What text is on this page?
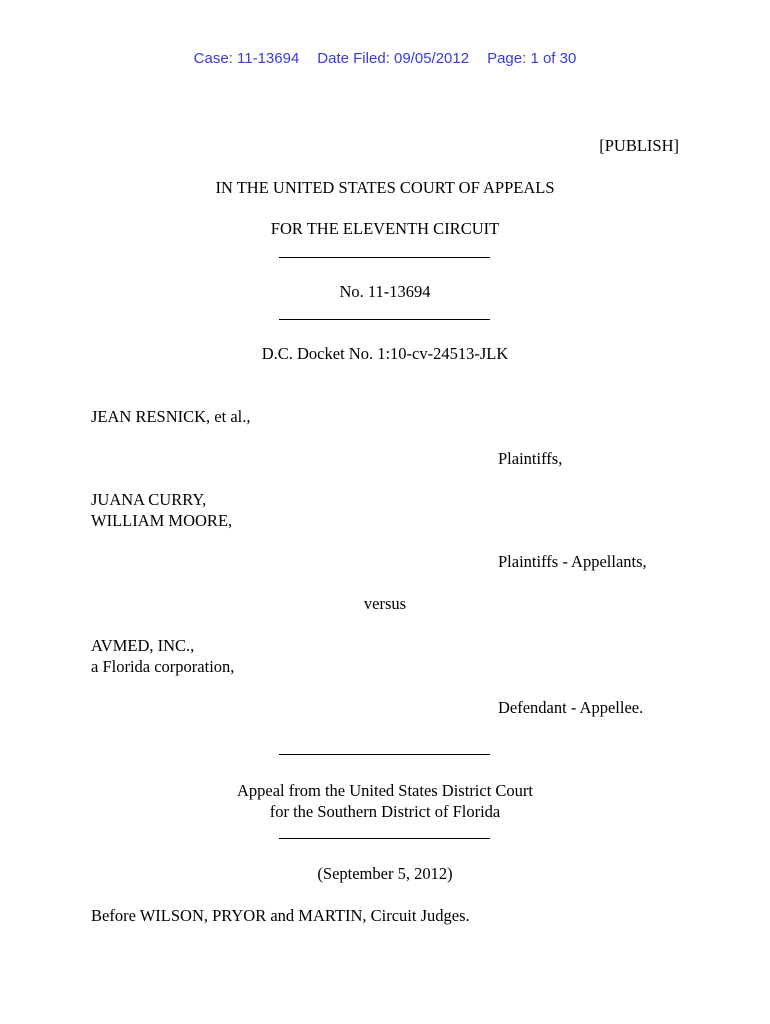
Case: 11-13694 Date Filed: 09/05/2012 Page: 1 of 30
[PUBLISH]
IN THE UNITED STATES COURT OF APPEALS
FOR THE ELEVENTH CIRCUIT
No. 11-13694
D.C. Docket No. 1:10-cv-24513-JLK
JEAN RESNICK, et al.,
Plaintiffs,
JUANA CURRY,
WILLIAM MOORE,
Plaintiffs - Appellants,
versus
AVMED, INC.,
a Florida corporation,
Defendant - Appellee.
Appeal from the United States District Court
for the Southern District of Florida
(September 5, 2012)
Before WILSON, PRYOR and MARTIN, Circuit Judges.
